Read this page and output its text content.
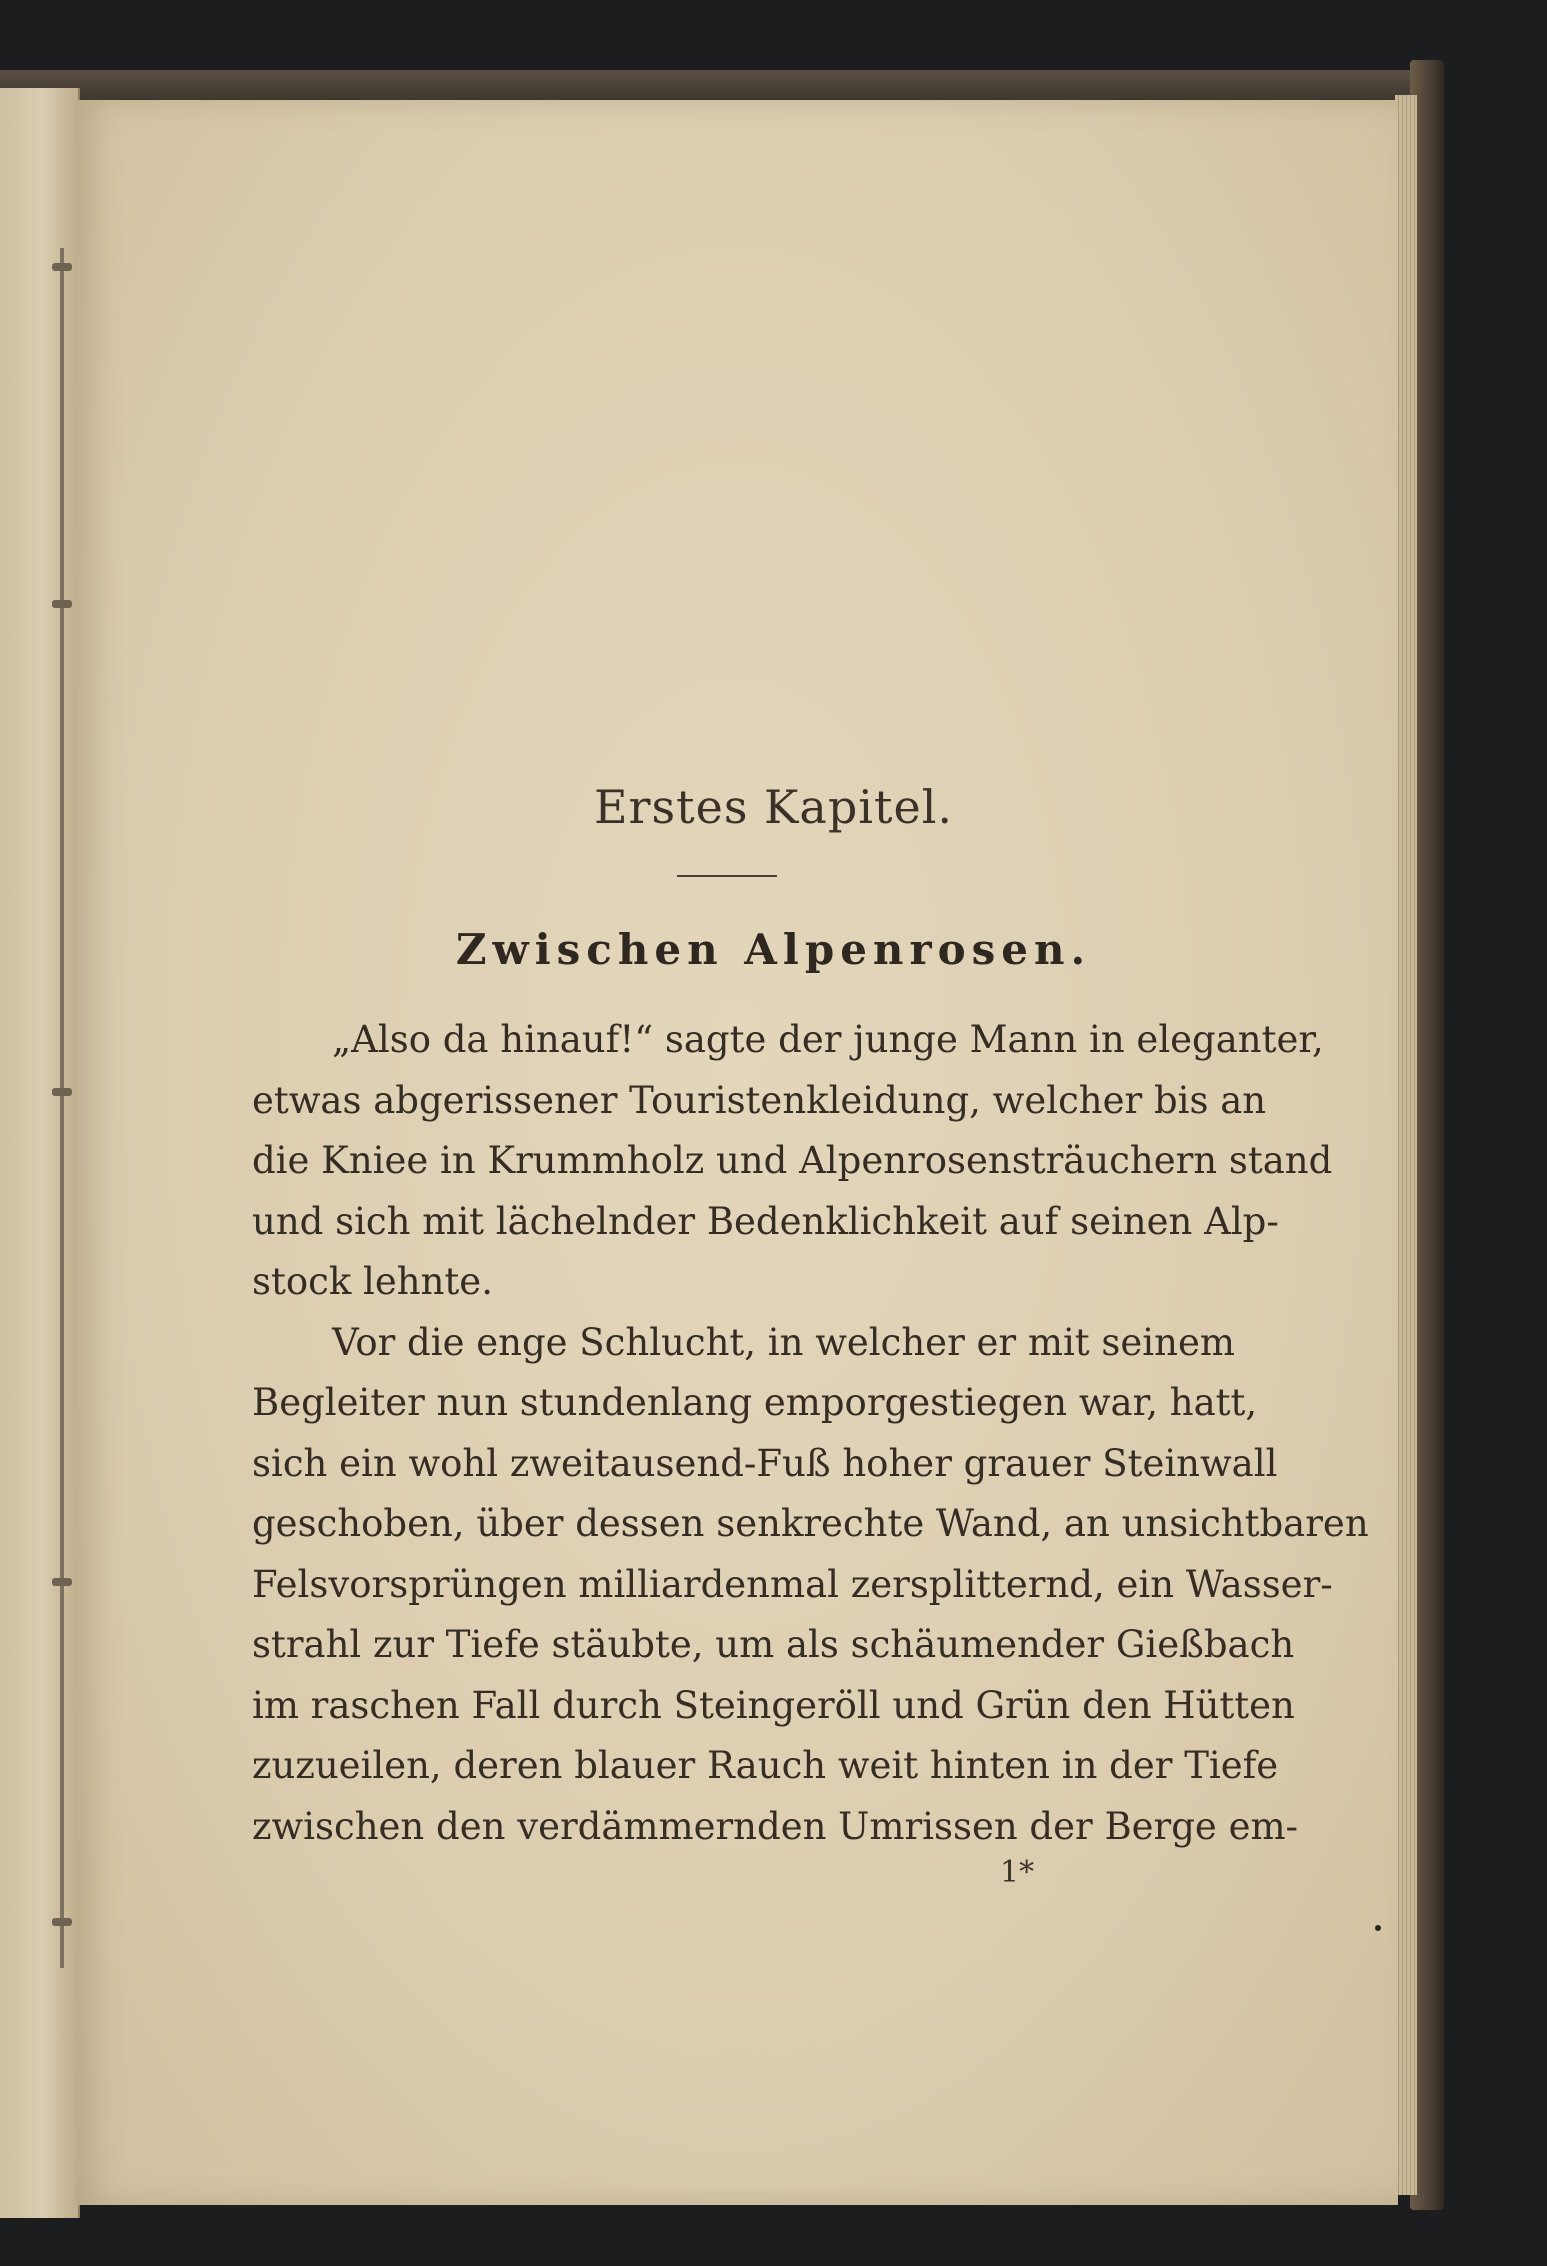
Erstes Kapitel.
Zwischen Alpenrosen.
„Also da hinauf!“ sagte der junge Mann in eleganter,
etwas abgerissener Touristenkleidung, welcher bis an
die Kniee in Krummholz und Alpenrosensträuchern stand
und sich mit lächelnder Bedenklichkeit auf seinen Alp-
stock lehnte.
Vor die enge Schlucht, in welcher er mit seinem
Begleiter nun stundenlang emporgestiegen war, hatt,
sich ein wohl zweitausend-Fuß hoher grauer Steinwall
geschoben, über dessen senkrechte Wand, an unsichtbaren
Felsvorsprüngen milliardenmal zersplitternd, ein Wasser-
strahl zur Tiefe stäubte, um als schäumender Gießbach
im raschen Fall durch Steingeröll und Grün den Hütten
zuzueilen, deren blauer Rauch weit hinten in der Tiefe
zwischen den verdämmernden Umrissen der Berge em-
1*
